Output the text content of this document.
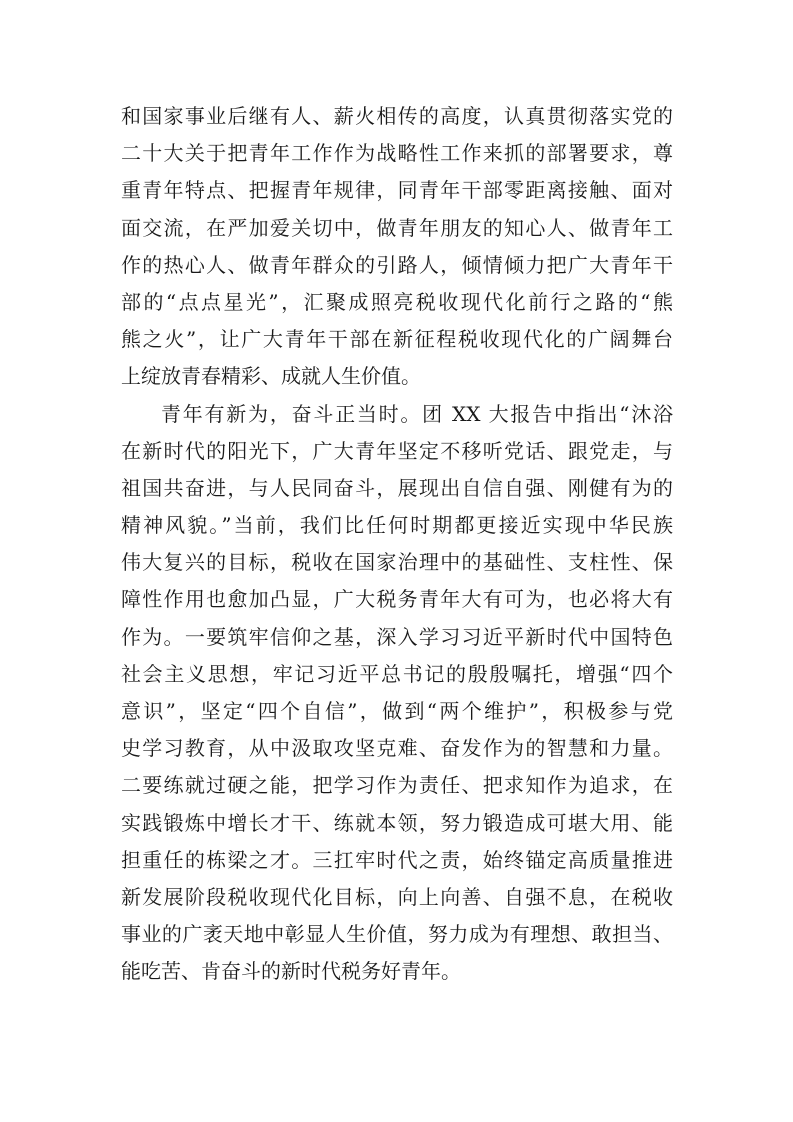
和国家事业后继有人、薪火相传的高度，认真贯彻落实党的
二十大关于把青年工作作为战略性工作来抓的部署要求，尊
重青年特点、把握青年规律，同青年干部零距离接触、面对
面交流，在严加爱关切中，做青年朋友的知心人、做青年工
作的热心人、做青年群众的引路人，倾情倾力把广大青年干
部的“点点星光”，汇聚成照亮税收现代化前行之路的“熊
熊之火”，让广大青年干部在新征程税收现代化的广阔舞台
上绽放青春精彩、成就人生价值。
青年有新为，奋斗正当时。团 XX 大报告中指出“沐浴
在新时代的阳光下，广大青年坚定不移听党话、跟党走，与
祖国共奋进，与人民同奋斗，展现出自信自强、刚健有为的
精神风貌。”当前，我们比任何时期都更接近实现中华民族
伟大复兴的目标，税收在国家治理中的基础性、支柱性、保
障性作用也愈加凸显，广大税务青年大有可为，也必将大有
作为。一要筑牢信仰之基，深入学习习近平新时代中国特色
社会主义思想，牢记习近平总书记的殷殷嘱托，增强“四个
意识”，坚定“四个自信”，做到“两个维护”，积极参与党
史学习教育，从中汲取攻坚克难、奋发作为的智慧和力量。
二要练就过硬之能，把学习作为责任、把求知作为追求，在
实践锻炼中增长才干、练就本领，努力锻造成可堪大用、能
担重任的栋梁之才。三扛牢时代之责，始终锚定高质量推进
新发展阶段税收现代化目标，向上向善、自强不息，在税收
事业的广袤天地中彰显人生价值，努力成为有理想、敢担当、
能吃苦、肯奋斗的新时代税务好青年。
